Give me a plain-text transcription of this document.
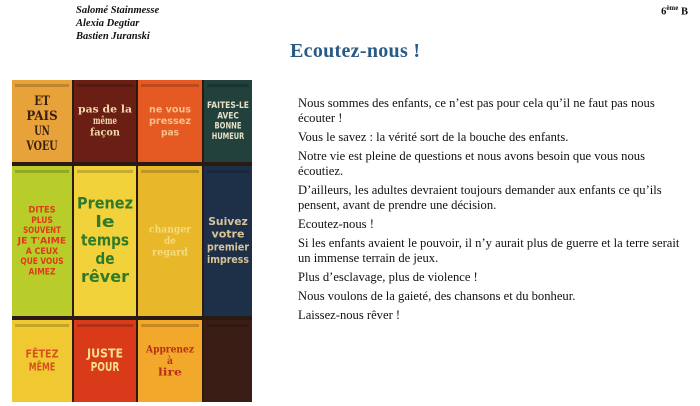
Salomé Stainmesse
Alexia Degtiar
Bastien Juranski
6ème B
Ecoutez-nous !
ET
PAIS
UN
VOEU
pas de la
même
façon
ne vous
pressez
pas
FAITES-LE
AVEC
BONNE
HUMEUR
DITES
PLUS
SOUVENT
JE T'AIME
A CEUX
QUE VOUS
AIMEZ
Prenez
le
temps
de
rêver
changer
de
regard
Suivez
votre
premier
impress
FÊTEZ
MÊME
JUSTE
POUR
Apprenez
à
lire

Nous sommes des enfants, ce n’est pas pour cela qu’il ne faut pas nous écouter !

Vous le savez : la vérité sort de la bouche des enfants.

Notre vie est pleine de questions et nous avons besoin que vous nous écoutiez.

D’ailleurs, les adultes devraient toujours demander aux enfants ce qu’ils pensent, avant de prendre une décision.

Ecoutez-nous !

Si les enfants avaient le pouvoir, il n’y aurait plus de guerre et la terre serait un immense terrain de jeux.

Plus d’esclavage, plus de violence !

Nous voulons de la gaieté, des chansons et du bonheur.

Laissez-nous rêver !
